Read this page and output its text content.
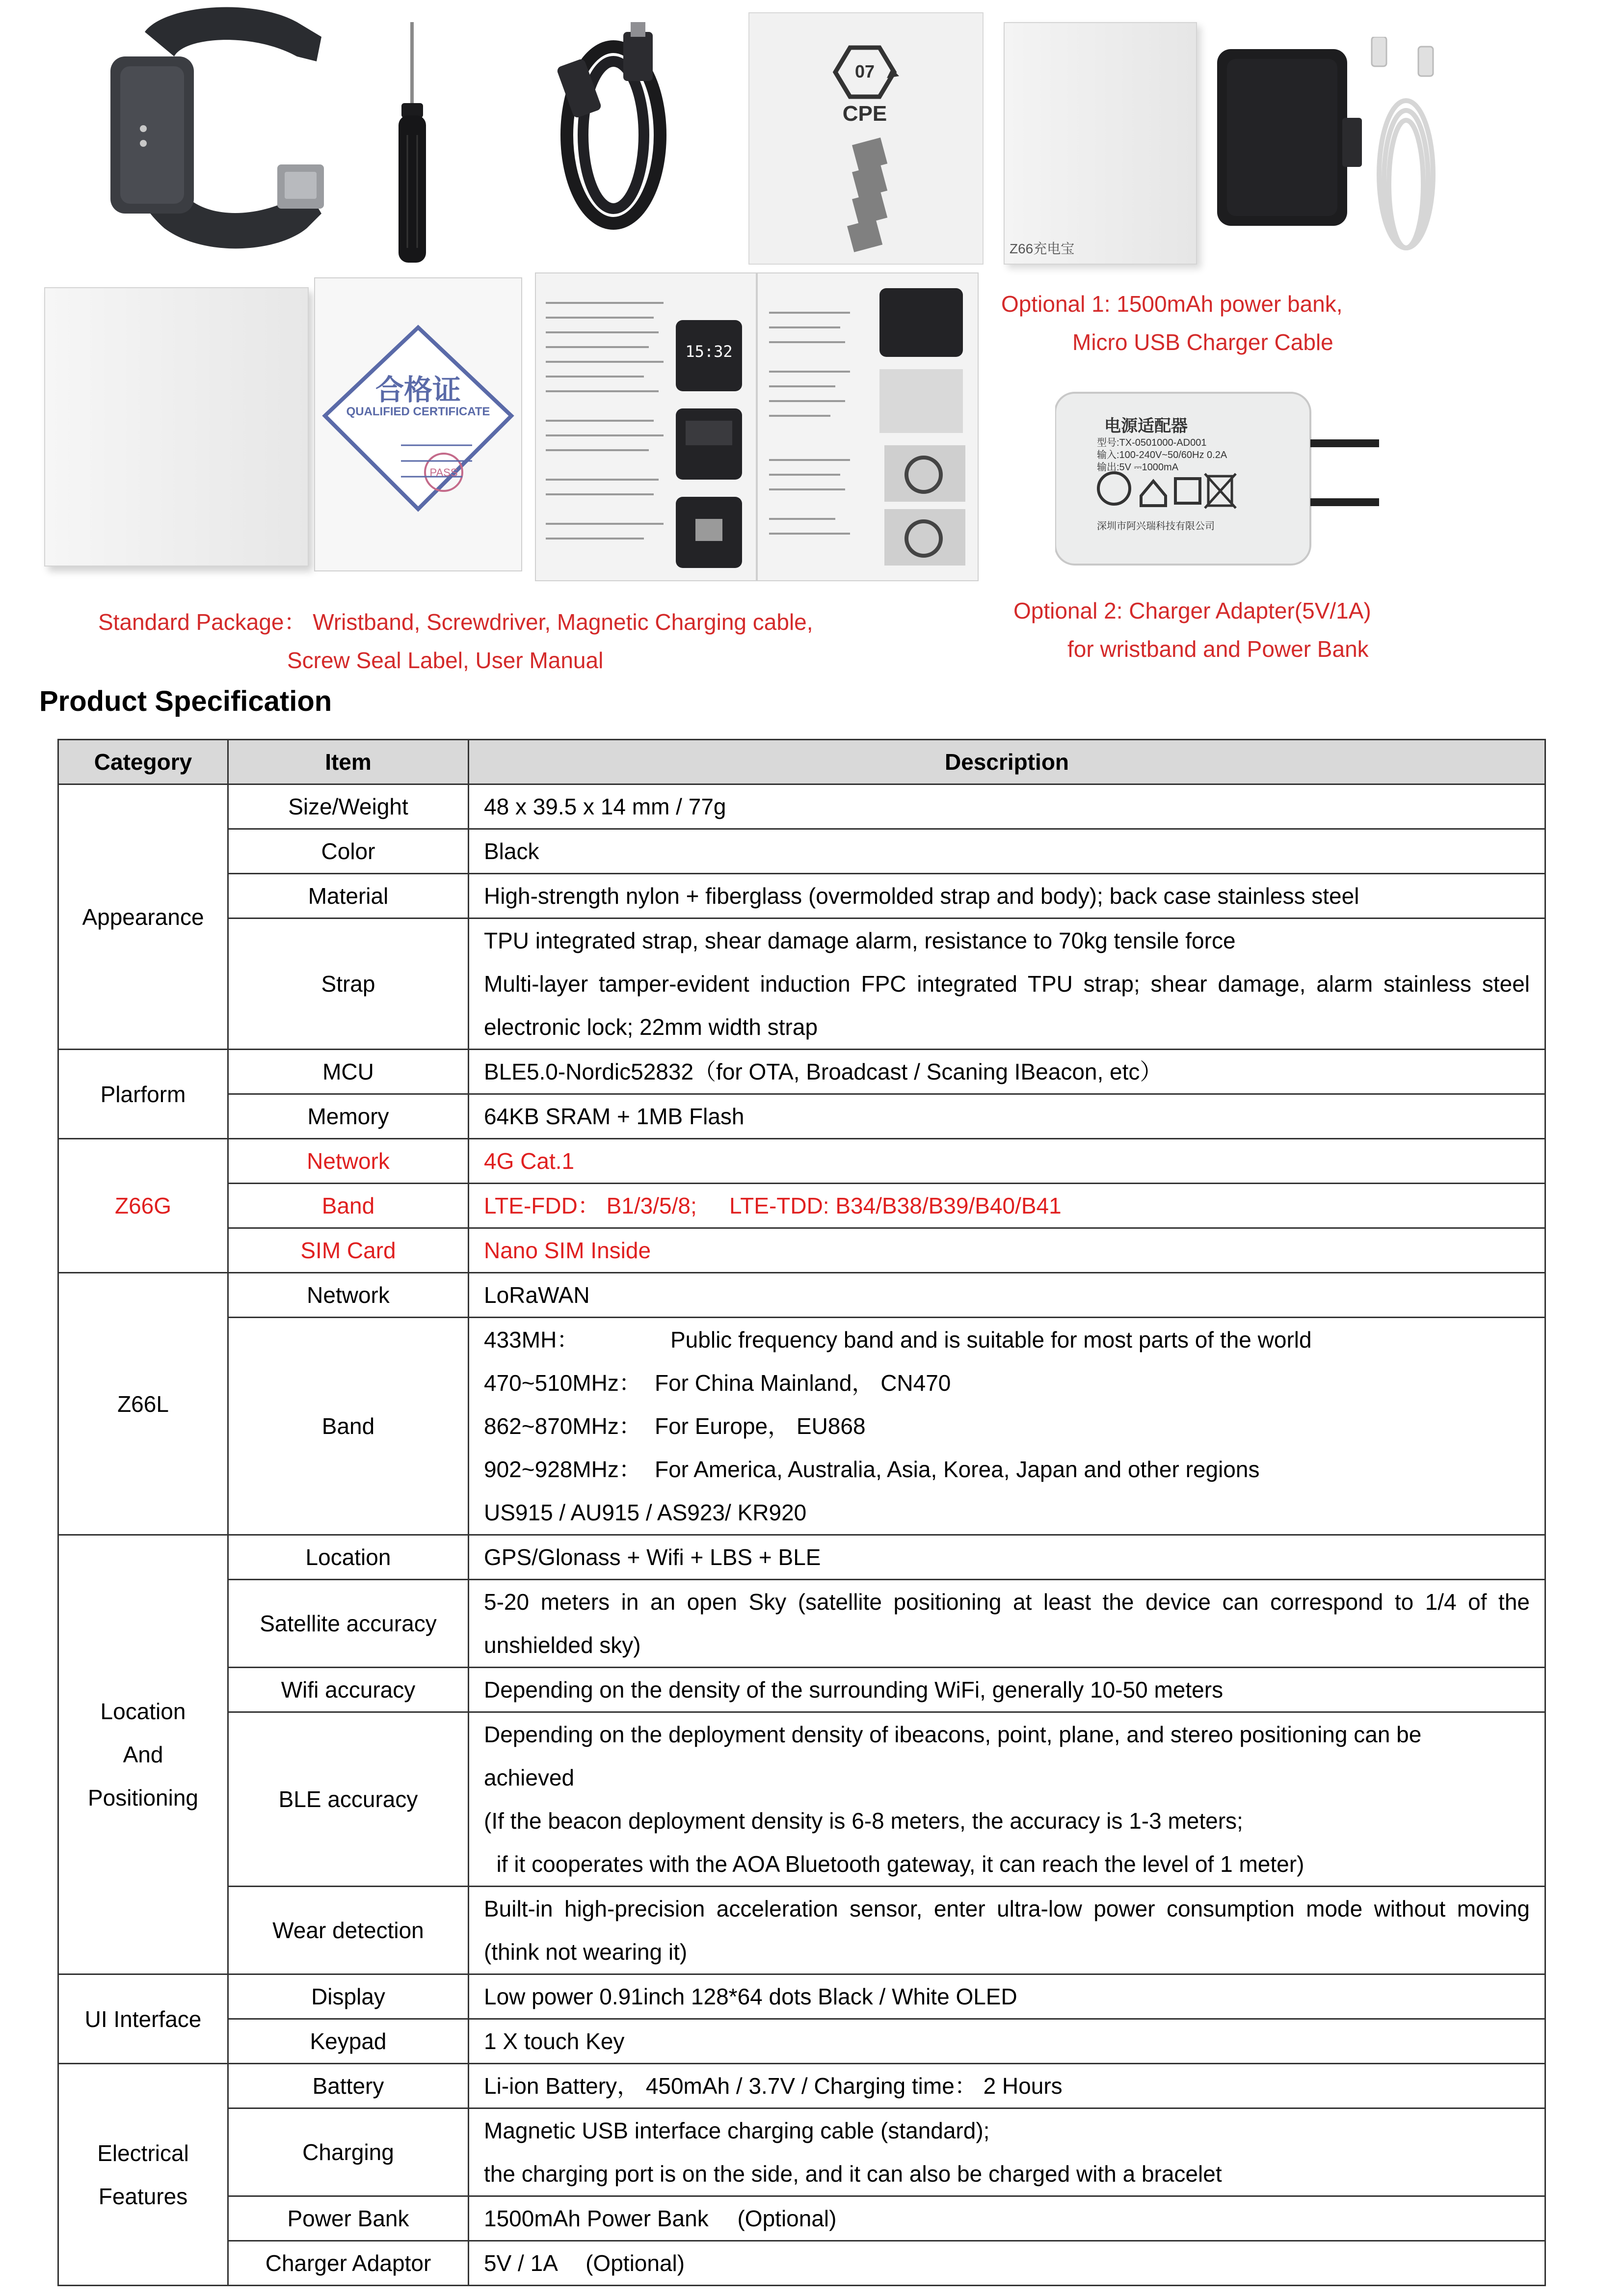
07
CPE
Z66充电宝
合格证
QUALIFIED CERTIFICATE
PASS
15:32
电源适配器
型号:TX-0501000-AD001
输入:100-240V~50/60Hz 0.2A
输出:5V ⎓1000mA
深圳市阿兴瑞科技有限公司
Standard Package： Wristband, Screwdriver, Magnetic Charging cable,
Screw Seal Label, User Manual
Optional 1: 1500mAh power bank,
Micro USB Charger Cable
Optional 2: Charger Adapter(5V/1A)
for wristband and Power Bank
Product Specification
Category	Item	Description
Appearance	Size/Weight	48 x 39.5 x 14 mm / 77g
	Color	Black
	Material	High-strength nylon + fiberglass (overmolded strap and body); back case stainless steel
	Strap	TPU integrated strap, shear damage alarm, resistance to 70kg tensile force
Multi-layer tamper-evident induction FPC integrated TPU strap; shear damage, alarm stainless steel electronic lock; 22mm width strap

Plarform	MCU	BLE5.0-Nordic52832（for OTA, Broadcast / Scaning IBeacon, etc）
	Memory	64KB SRAM + 1MB Flash
Z66G	Network	4G Cat.1
	Band	LTE-FDD： B1/3/5/8; LTE-TDD: B34/B38/B39/B40/B41
	SIM Card	Nano SIM Inside
Z66L	Network	LoRaWAN
	Band	433MH： Public frequency band and is suitable for most parts of the world
470~510MHz： For China Mainland， CN470
862~870MHz： For Europe， EU868
902~928MHz： For America, Australia, Asia, Korea, Japan and other regions
US915 / AU915 / AS923/ KR920

Location
And
Positioning	Location	GPS/Glonass + Wifi + LBS + BLE
	Satellite accuracy	5-20 meters in an open Sky (satellite positioning at least the device can correspond to 1/4 of the unshielded sky)
	Wifi accuracy	Depending on the density of the surrounding WiFi, generally 10-50 meters
	BLE accuracy	Depending on the deployment density of ibeacons, point, plane, and stereo positioning can be achieved
(If the beacon deployment density is 6-8 meters, the accuracy is 1-3 meters;
if it cooperates with the AOA Bluetooth gateway, it can reach the level of 1 meter)

	Wear detection	Built-in high-precision acceleration sensor, enter ultra-low power consumption mode without moving (think not wearing it)
UI Interface	Display	Low power 0.91inch 128*64 dots Black / White OLED
	Keypad	1 X touch Key

Electrical
Features	Battery	Li-ion Battery， 450mAh / 3.7V / Charging time： 2 Hours
	Charging	Magnetic USB interface charging cable (standard);
the charging port is on the side, and it can also be charged with a bracelet

	Power Bank	1500mAh Power Bank 　(Optional)
	Charger Adaptor	5V / 1A 　(Optional)
